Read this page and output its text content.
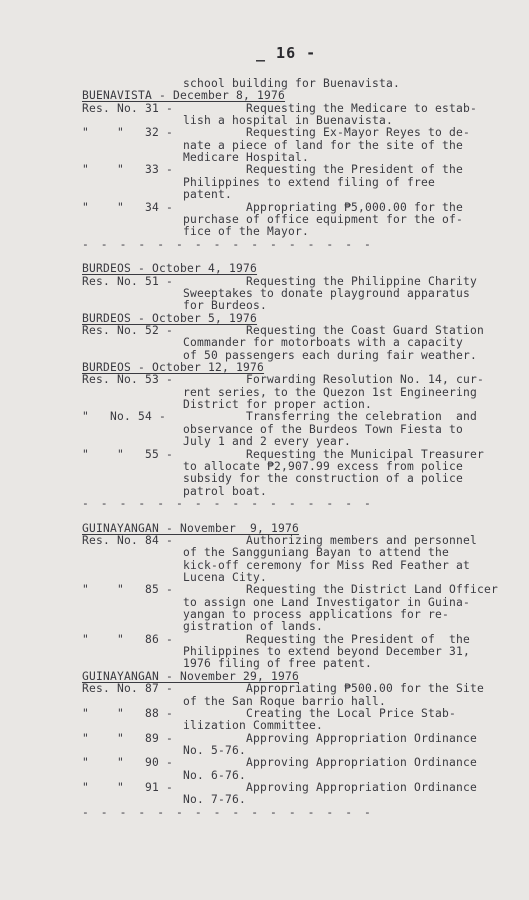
_ 16 -
school building for Buenavista.
BUENAVISTA - December 8, 1976
Res. No. 31 - Requesting the Medicare to estab-
lish a hospital in Buenavista.
"    "   32 - Requesting Ex-Mayor Reyes to de-
nate a piece of land for the site of the
Medicare Hospital.
"    "   33 - Requesting the President of the
Philippines to extend filing of free
patent.
"    "   34 - Appropriating ₱5,000.00 for the
purchase of office equipment for the of-
fice of the Mayor.
- - - - - - - - - - - - - - - -
BURDEOS - October 4, 1976
Res. No. 51 - Requesting the Philippine Charity
Sweeptakes to donate playground apparatus
for Burdeos.
BURDEOS - October 5, 1976
Res. No. 52 - Requesting the Coast Guard Station
Commander for motorboats with a capacity
of 50 passengers each during fair weather.
BURDEOS - October 12, 1976
Res. No. 53 - Forwarding Resolution No. 14, cur-
rent series, to the Quezon 1st Engineering
District for proper action.
"   No. 54 - Transferring the celebration  and
observance of the Burdeos Town Fiesta to
July 1 and 2 every year.
"    "   55 - Requesting the Municipal Treasurer
to allocate ₱2,907.99 excess from police
subsidy for the construction of a police
patrol boat.
- - - - - - - - - - - - - - - -
GUINAYANGAN - November  9, 1976
Res. No. 84 - Authorizing members and personnel
of the Sangguniang Bayan to attend the
kick-off ceremony for Miss Red Feather at
Lucena City.
"    "   85 - Requesting the District Land Officer
to assign one Land Investigator in Guina-
yangan to process applications for re-
gistration of lands.
"    "   86 - Requesting the President of  the
Philippines to extend beyond December 31,
1976 filing of free patent.
GUINAYANGAN - November 29, 1976
Res. No. 87 - Appropriating ₱500.00 for the Site
of the San Roque barrio hall.
"    "   88 - Creating the Local Price Stab-
ilization Committee.
"    "   89 - Approving Appropriation Ordinance
No. 5-76.
"    "   90 - Approving Appropriation Ordinance
No. 6-76.
"    "   91 - Approving Appropriation Ordinance
No. 7-76.
- - - - - - - - - - - - - - - -
